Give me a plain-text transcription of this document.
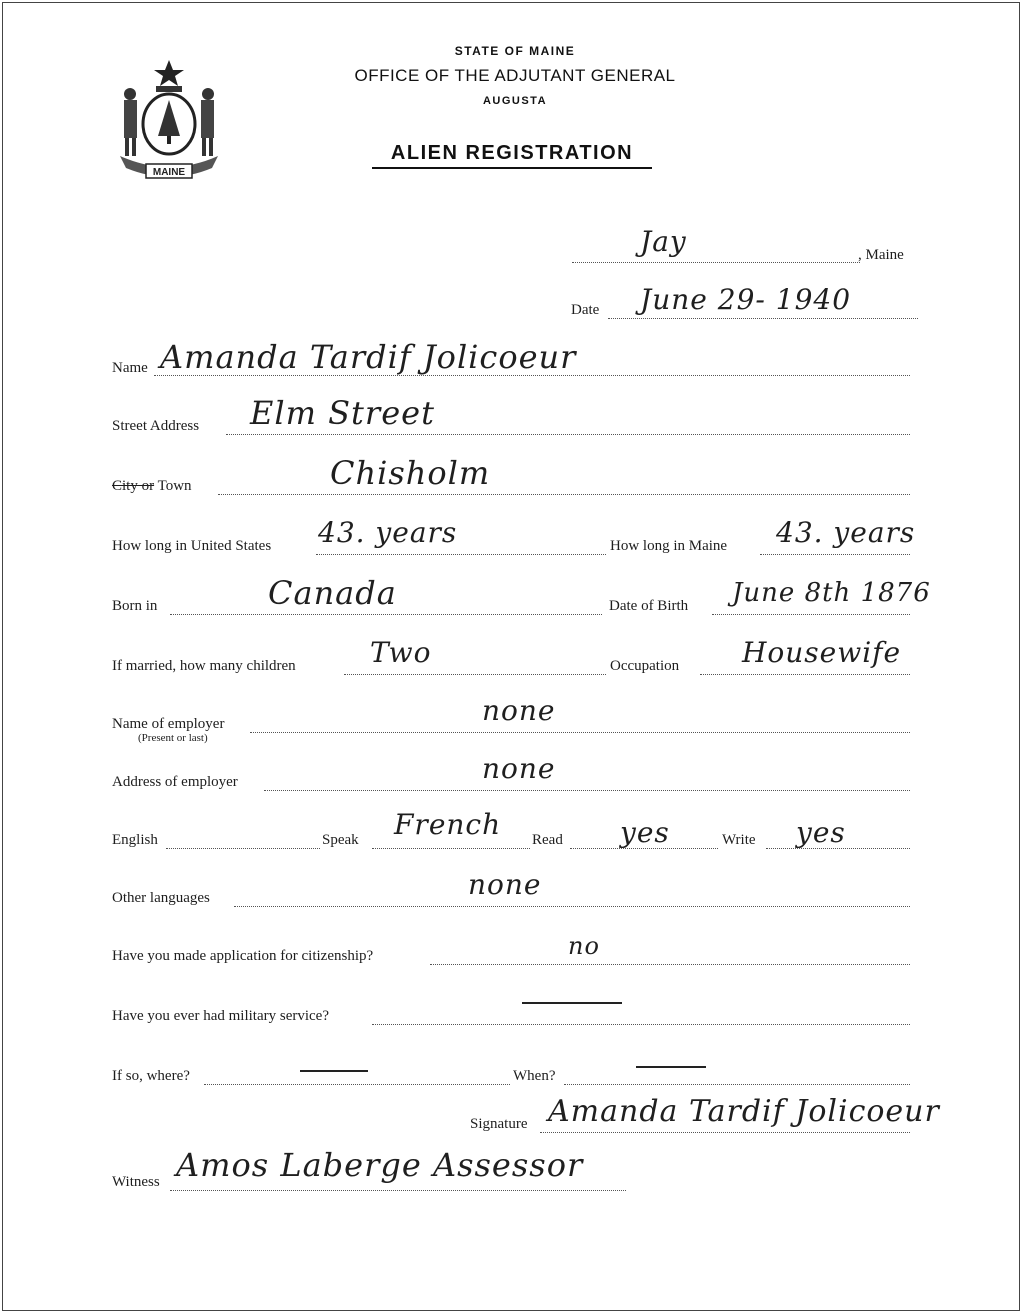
MAINE
STATE OF MAINE
OFFICE OF THE ADJUTANT GENERAL
AUGUSTA
ALIEN REGISTRATION
Jay	, Maine
Date June 29- 1940
Name Amanda Tardif Jolicoeur
Street Address Elm Street
City or Town	Chisholm
How long in United States 43. years	How long in Maine 43. years
Born in	Canada	Date of Birth June 8th 1876
If married, how many children	Two	Occupation Housewife
Name of employer
(Present or last)
none
Address of employer	none
English	Speak French Read yes	Write yes
Other languages	none
Have you made application for citizenship?	no
Have you ever had military service?
If so, where?	When?
Signature Amanda Tardif Jolicoeur
Witness Amos Laberge Assessor
